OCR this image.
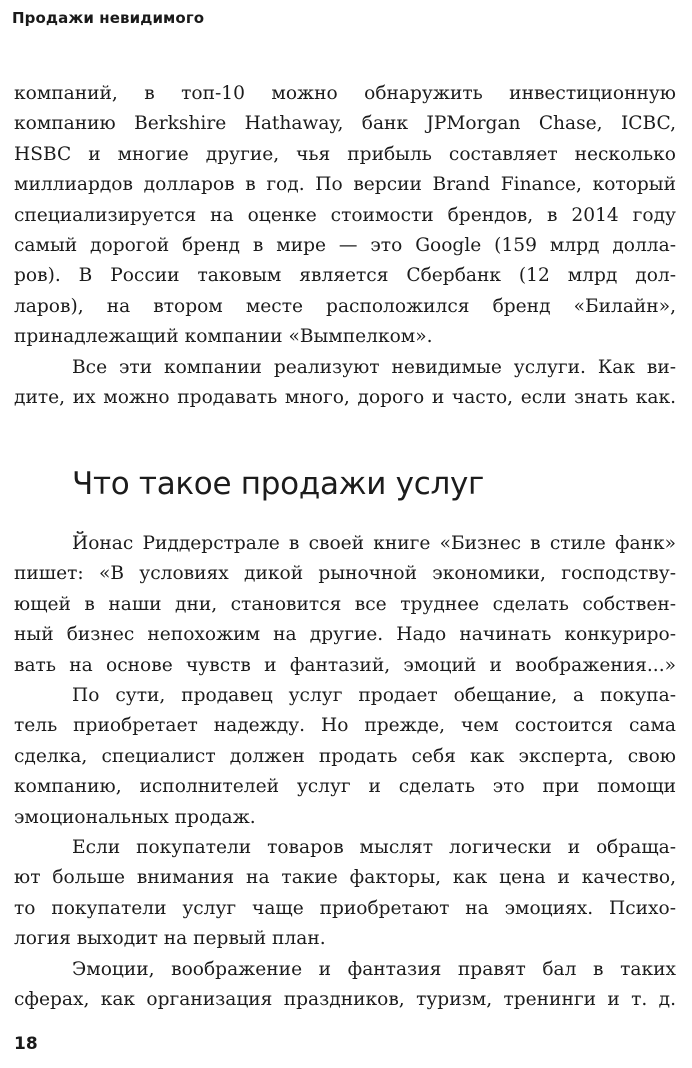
Продажи невидимого

компаний, в топ-10 можно обнаружить инвестиционную
компанию Berkshire Hathaway, банк JPMorgan Chase, ICBC,
HSBC и многие другие, чья прибыль составляет несколько
миллиардов долларов в год. По версии Brand Finance, который
специализируется на оценке стоимости брендов, в 2014 году
самый дорогой бренд в мире — это Google (159 млрд долла-
ров). В России таковым является Сбербанк (12 млрд дол-
ларов), на втором месте расположился бренд «Билайн»,
принадлежащий компании «Вымпелком».

Все эти компании реализуют невидимые услуги. Как ви-
дите, их можно продавать много, дорого и часто, если знать как.

Что такое продажи услуг

Йонас Риддерстрале в своей книге «Бизнес в стиле фанк»
пишет: «В условиях дикой рыночной экономики, господству-
ющей в наши дни, становится все труднее сделать собствен-
ный бизнес непохожим на другие. Надо начинать конкуриро-
вать на основе чувств и фантазий, эмоций и воображения...»

По сути, продавец услуг продает обещание, а покупа-
тель приобретает надежду. Но прежде, чем состоится сама
сделка, специалист должен продать себя как эксперта, свою
компанию, исполнителей услуг и сделать это при помощи
эмоциональных продаж.

Если покупатели товаров мыслят логически и обраща-
ют больше внимания на такие факторы, как цена и качество,
то покупатели услуг чаще приобретают на эмоциях. Психо-
логия выходит на первый план.

Эмоции, воображение и фантазия правят бал в таких
сферах, как организация праздников, туризм, тренинги и т. д.

18
